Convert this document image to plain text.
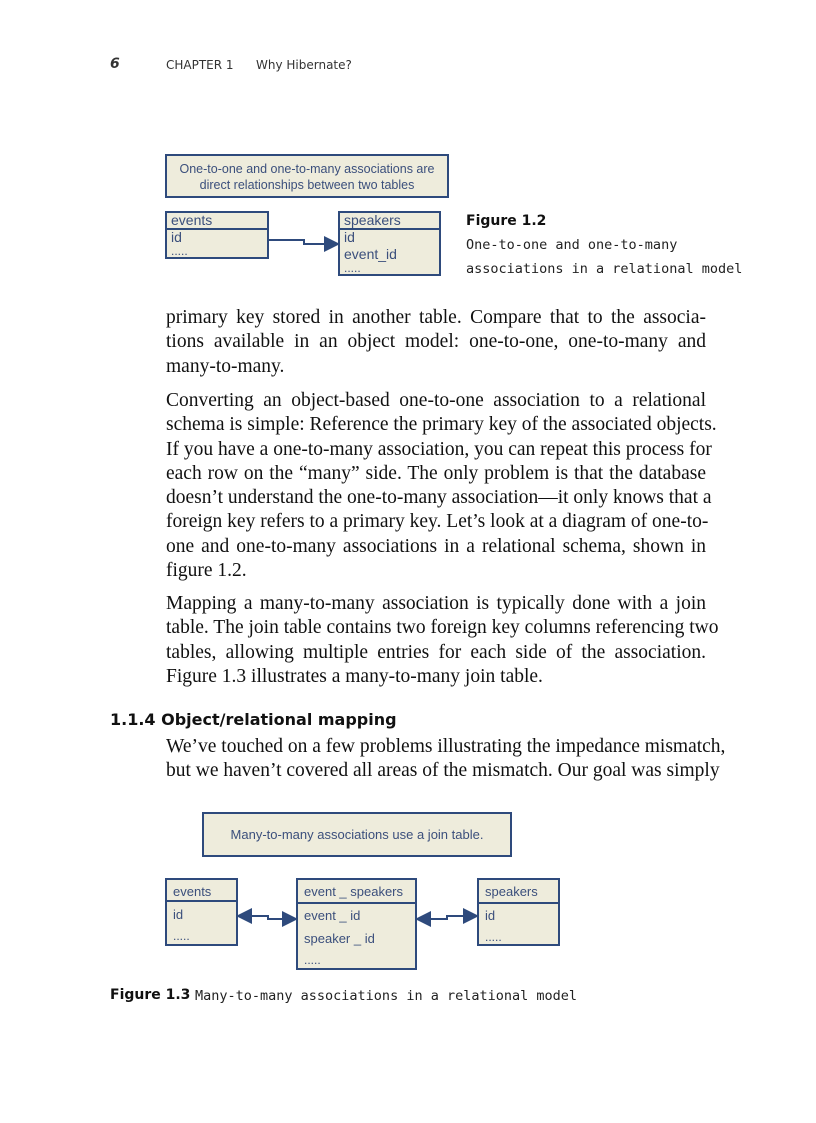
6	CHAPTER 1 Why Hibernate?
One-to-one and one-to-many associations are
direct relationships between two tables
events
id
.....
speakers
id
event_id
.....
Many-to-many associations use a join table.
events
id
.....
event _ speakers
event _ id
speaker _ id
.....
speakers
id
.....
Figure 1.2
One-to-one and one-to-many
associations in a relational model
primary key stored in another table. Compare that to the associa-
tions available in an object model: one-to-one, one-to-many and
many-to-many.
Converting an object-based one-to-one association to a relational
schema is simple: Reference the primary key of the associated objects.
If you have a one-to-many association, you can repeat this process for
each row on the “many” side. The only problem is that the database
doesn’t understand the one-to-many association—it only knows that a
foreign key refers to a primary key. Let’s look at a diagram of one-to-
one and one-to-many associations in a relational schema, shown in
figure 1.2.
Mapping a many-to-many association is typically done with a join
table. The join table contains two foreign key columns referencing two
tables, allowing multiple entries for each side of the association.
Figure 1.3 illustrates a many-to-many join table.
1.1.4 Object/relational mapping
We’ve touched on a few problems illustrating the impedance mismatch,
but we haven’t covered all areas of the mismatch. Our goal was simply
Figure 1.3 Many-to-many associations in a relational model
